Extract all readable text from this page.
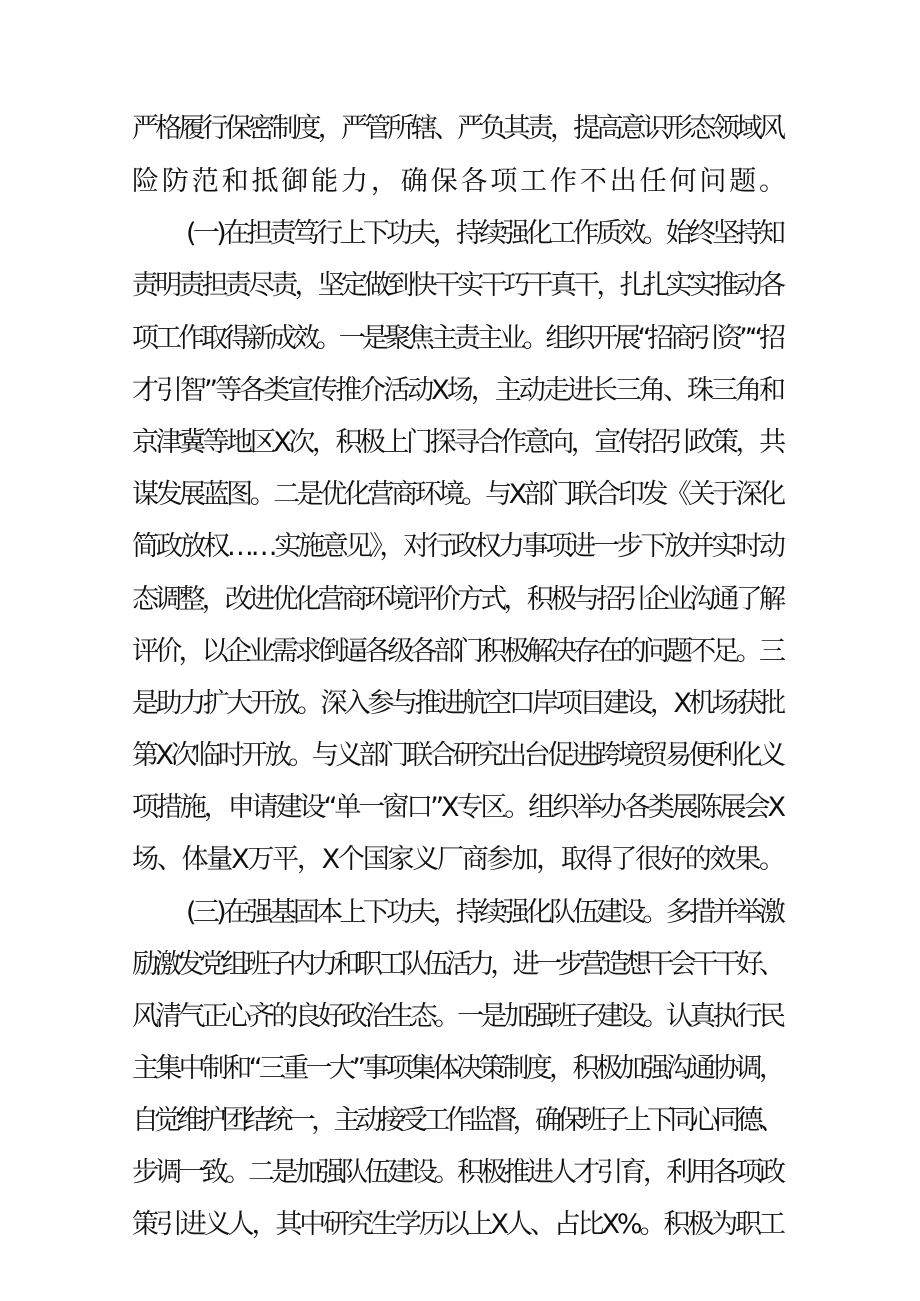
严格履行保密制度，严管所辖、严负其责，提高意识形态领域风

险防范和抵御能力，确保各项工作不出任何问题。

(一)在担责笃行上下功夫，持续强化工作质效。始终坚持知

责明责担责尽责，坚定做到快干实干巧干真干，扎扎实实推动各

项工作取得新成效。一是聚焦主责主业。组织开展“招商引资”“招

才引智”等各类宣传推介活动X场，主动走进长三角、珠三角和

京津冀等地区X次，积极上门探寻合作意向，宣传招引政策，共

谋发展蓝图。二是优化营商环境。与X部门联合印发《关于深化

简政放权……实施意见》，对行政权力事项进一步下放并实时动

态调整，改进优化营商环境评价方式，积极与招引企业沟通了解

评价，以企业需求倒逼各级各部门积极解决存在的问题不足。三

是助力扩大开放。深入参与推进航空口岸项目建设，X机场获批

第X次临时开放。与义部门联合研究出台促进跨境贸易便利化义

项措施，申请建设“单一窗口”X专区。组织举办各类展陈展会X

场、体量X万平，X个国家义厂商参加，取得了很好的效果。

(三)在强基固本上下功夫，持续强化队伍建设。多措并举激

励激发党组班子内力和职工队伍活力，进一步营造想干会干干好、

风清气正心齐的良好政治生态。一是加强班子建设。认真执行民

主集中制和“三重一大”事项集体决策制度，积极加强沟通协调，

自觉维护团结统一，主动接受工作监督，确保班子上下同心同德、

步调一致。二是加强队伍建设。积极推进人才引育，利用各项政

策引进义人，其中研究生学历以上X人、占比X%。积极为职工
